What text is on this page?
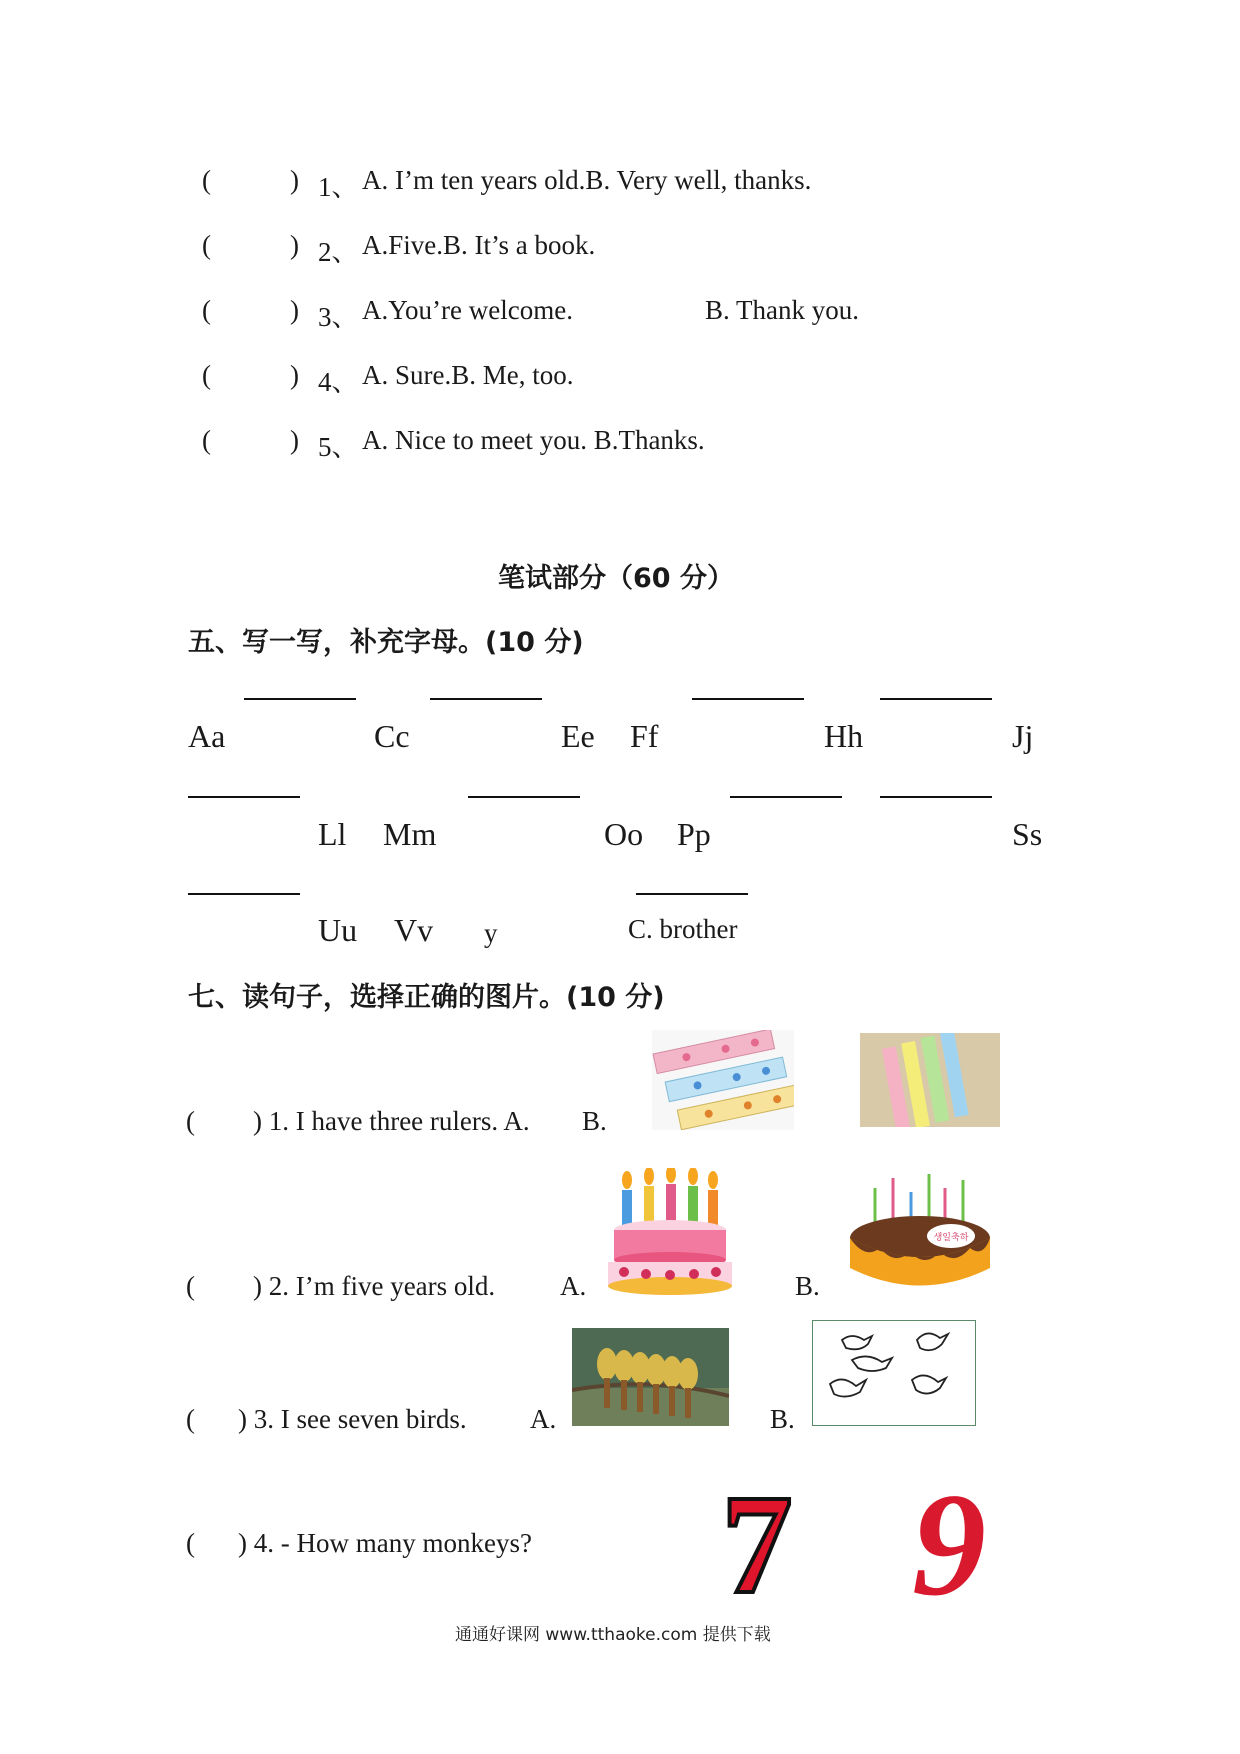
(	) 1、 A. I’m ten years old.B. Very well, thanks.
(	) 2、 A.Five.B. It’s a book.
(	) 3、 A.You’re welcome.	B. Thank you.
(	) 4、 A. Sure.B. Me, too.
(	) 5、 A. Nice to meet you. B.Thanks.
笔试部分（60 分）
五、写一写，补充字母。(10 分)
Aa	Cc	Ee Ff	Hh	Jj
Ll Mm	Oo Pp	Ss
Uu Vv y	C. brother
七、读句子，选择正确的图片。(10 分)
( ) 1. I have three rulers. A. B.
( ) 2. I’m five years old. A.	B.
생일축하
( ) 3. I see seven birds. A.	B.
( ) 4. - How many monkeys? 7 9
通通好课网 www.tthaoke.com 提供下载
